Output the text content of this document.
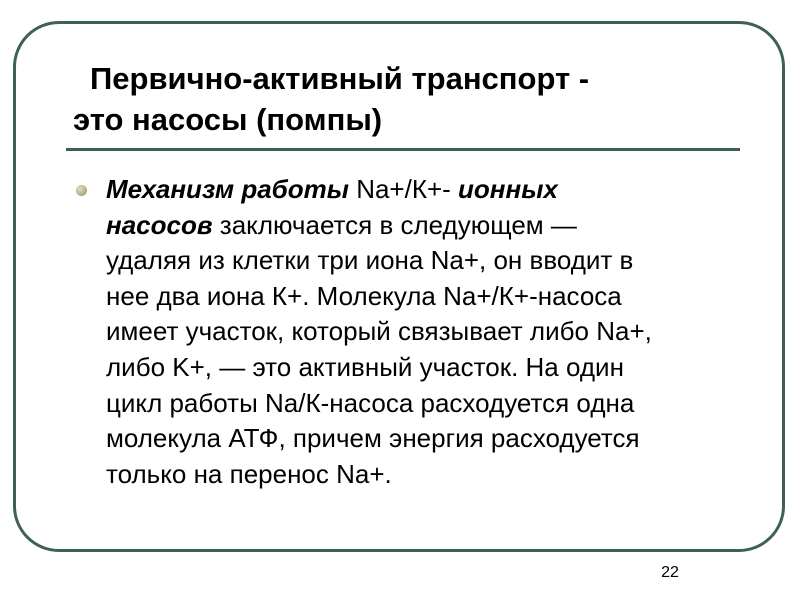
Первично-активный транспорт -
это насосы (помпы)

Механизм работы Na+/К+- ионных
насосов заключается в следующем —
удаляя из клетки три иона Na+, он вводит в
нее два иона К+. Молекула Na+/К+-насоса
имеет участок, который связывает либо Na+,
либо K+, — это активный участок. На один
цикл работы Na/К-насоса расходуется одна
молекула АТФ, причем энергия расходуется
только на перенос Na+.

22
